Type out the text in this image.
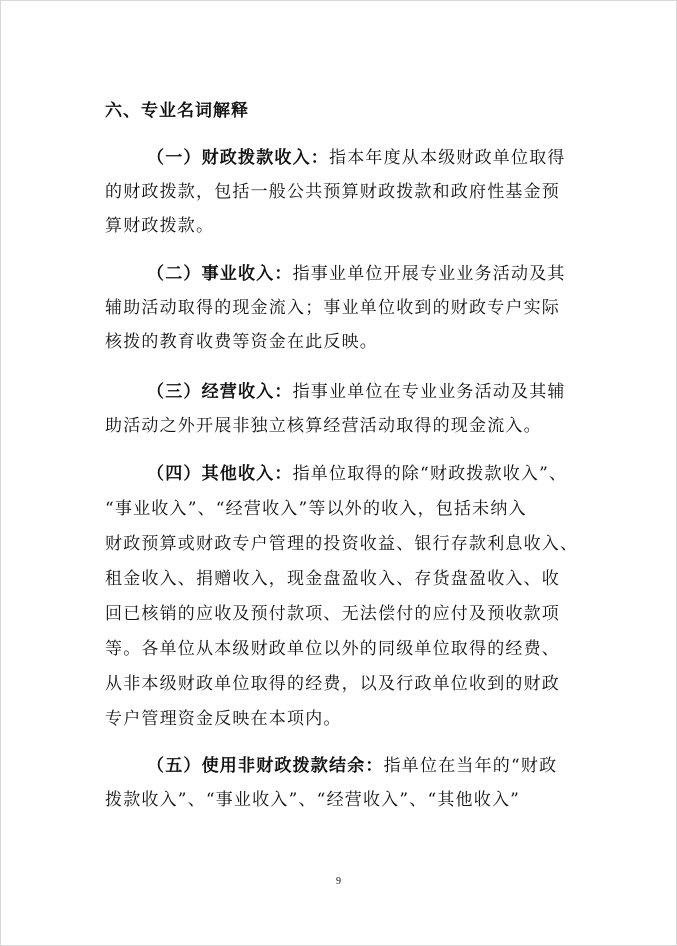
六、专业名词解释
（一）财政拨款收入：指本年度从本级财政单位取得
的财政拨款，包括一般公共预算财政拨款和政府性基金预
算财政拨款。
（二）事业收入：指事业单位开展专业业务活动及其
辅助活动取得的现金流入；事业单位收到的财政专户实际
核拨的教育收费等资金在此反映。
（三）经营收入：指事业单位在专业业务活动及其辅
助活动之外开展非独立核算经营活动取得的现金流入。
（四）其他收入：指单位取得的除“财政拨款收入”、
“事业收入”、“经营收入”等以外的收入，包括未纳入
财政预算或财政专户管理的投资收益、银行存款利息收入、
租金收入、捐赠收入，现金盘盈收入、存货盘盈收入、收
回已核销的应收及预付款项、无法偿付的应付及预收款项
等。各单位从本级财政单位以外的同级单位取得的经费、
从非本级财政单位取得的经费，以及行政单位收到的财政
专户管理资金反映在本项内。
（五）使用非财政拨款结余：指单位在当年的“财政
拨款收入”、“事业收入”、“经营收入”、“其他收入”
9
